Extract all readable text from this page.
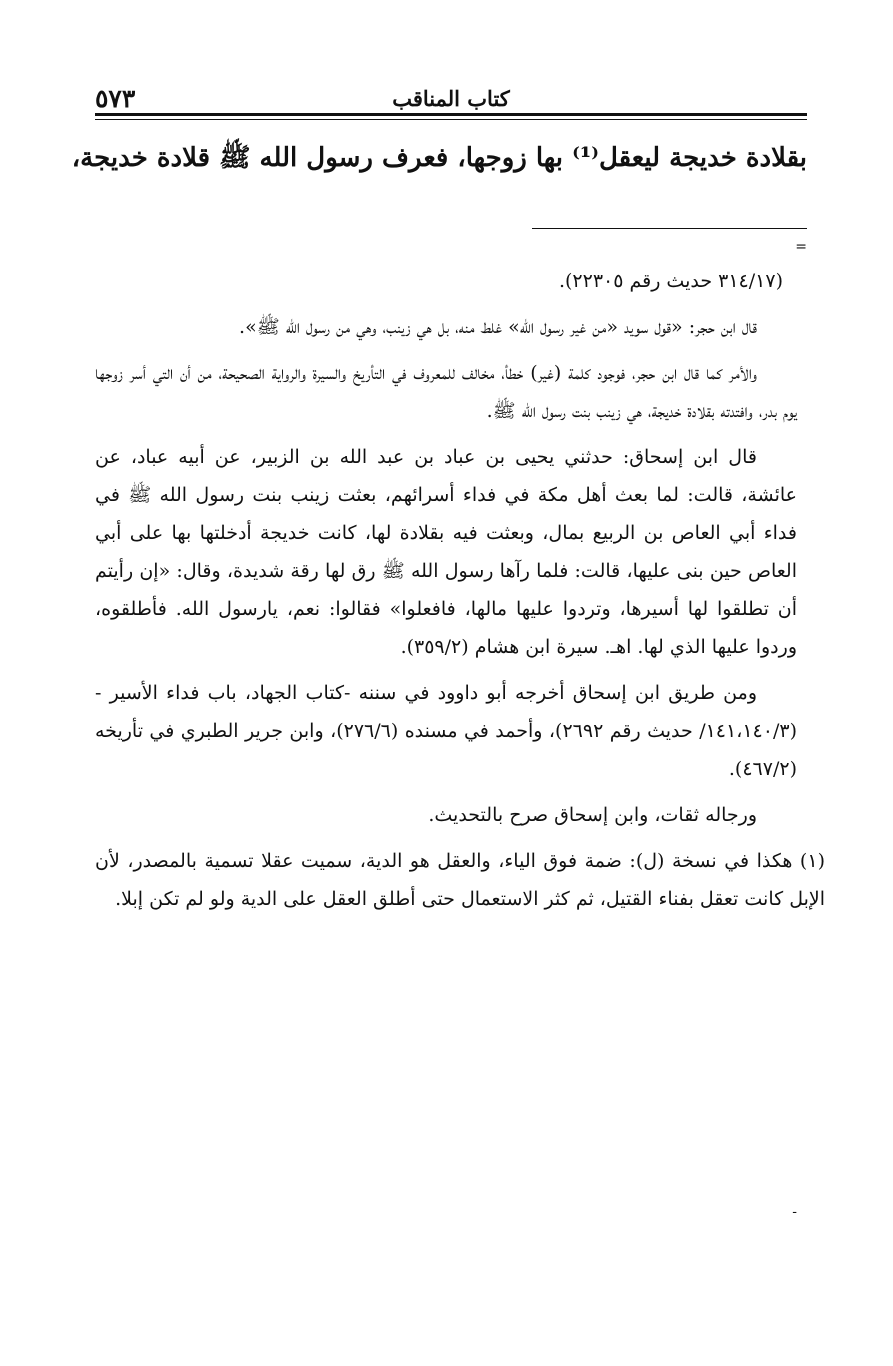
٥٧٣	كتاب المناقب
بقلادة خديجة ليعقل⁽¹⁾ بها زوجها، فعرف رسول الله ﷺ قلادة خديجة،
=

(٣١٤/١٧ حديث رقم ٢٢٣٠٥).

قال ابن حجر: «قول سويد «من غير رسول الله» غلط منه، بل هي زينب، وهي من رسول الله ﷺ».

والأمر كما قال ابن حجر، فوجود كلمة (غير) خطأ، مخالف للمعروف في التأريخ والسيرة والرواية الصحيحة، من أن التي أسر زوجها يوم بدر، وافتدته بقلادة خديجة، هي زينب بنت رسول الله ﷺ.

قال ابن إسحاق: حدثني يحيى بن عباد بن عبد الله بن الزبير، عن أبيه عباد، عن عائشة، قالت: لما بعث أهل مكة في فداء أسرائهم، بعثت زينب بنت رسول الله ﷺ في فداء أبي العاص بن الربيع بمال، وبعثت فيه بقلادة لها، كانت خديجة أدخلتها بها على أبي العاص حين بنى عليها، قالت: فلما رآها رسول الله ﷺ رق لها رقة شديدة، وقال: «إن رأيتم أن تطلقوا لها أسيرها، وتردوا عليها مالها، فافعلوا» فقالوا: نعم، يارسول الله. فأطلقوه، وردوا عليها الذي لها. اهـ. سيرة ابن هشام (٣٥٩/٢).

ومن طريق ابن إسحاق أخرجه أبو داوود في سننه -كتاب الجهاد، باب فداء الأسير - (١٤١،١٤٠/٣/ حديث رقم ٢٦٩٢)، وأحمد في مسنده (٢٧٦/٦)، وابن جرير الطبري في تأريخه (٤٦٧/٢).

ورجاله ثقات، وابن إسحاق صرح بالتحديث.

(١) هكذا في نسخة (ل): ضمة فوق الياء، والعقل هو الدية، سميت عقلا تسمية بالمصدر، لأن الإبل كانت تعقل بفناء القتيل، ثم كثر الاستعمال حتى أطلق العقل على الدية ولو لم تكن إبلا.

-
